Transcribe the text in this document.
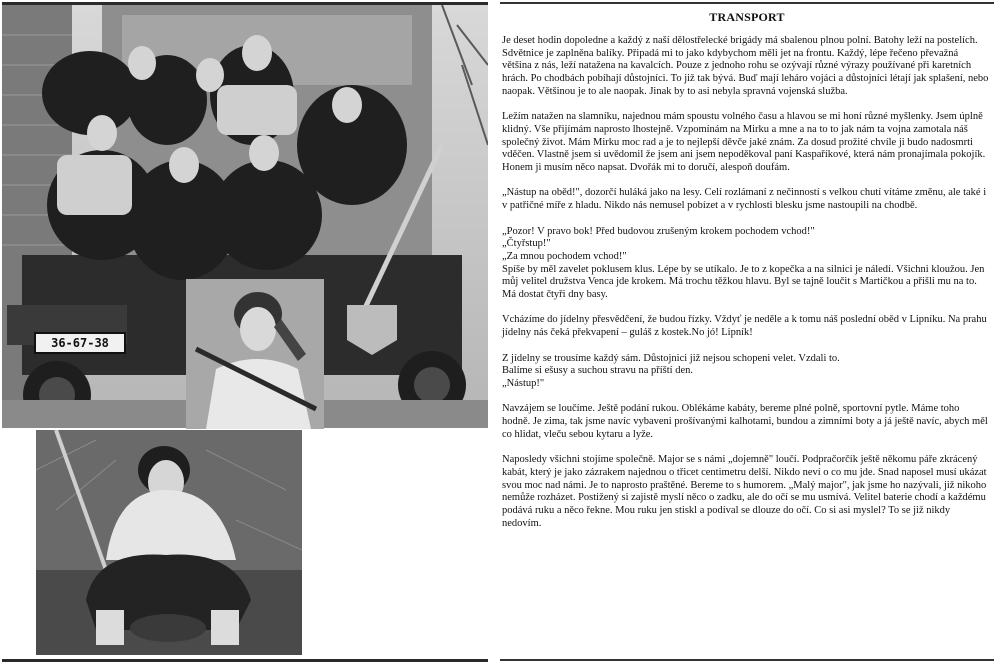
36-67-38
TRANSPORT

Je deset hodin dopoledne a každý z naší dělostřelecké brigády má sbalenou plnou polní. Batohy leží na postelích. Sdvětnice je zaplněna balíky. Připadá mi to jako kdybychom měli jet na frontu. Každý, lépe řečeno převažná většina z nás, leží natažena na kavalcích. Pouze z jednoho rohu se ozývají různé výrazy používané při karetních hrách. Po chodbách pobíhají důstojníci. To již tak bývá. Buď mají leháro vojáci a důstojníci létají jak splašení, nebo naopak. Většinou je to ale naopak. Jinak by to asi nebyla spravná vojenská služba.

Ležím natažen na slamníku, najednou mám spoustu volného času a hlavou se mi honí různé myšlenky. Jsem úplně klidný. Vše přijímám naprosto lhostejně. Vzpomínám na Mirku a mne a na to to jak nám ta vojna zamotala náš společný život. Mám Mirku moc rad a je to nejlepší děvče jaké znám. Za dosud prožité chvíle ji budo nadosmrti vděčen. Vlastně jsem si uvědomil že jsem ani jsem nepoděkoval paní Kaspaříkové, která nám pronajímala pokojík. Honem ji musím něco napsat. Dvořák mi to doručí, alespoň doufám.

„Nástup na oběd!", dozorčí huláká jako na lesy. Celí rozlámaní z nečinností s velkou chutí vítáme změnu, ale také i v patřičné míře z hladu. Nikdo nás nemusel pobízet a v rychlosti blesku jsme nastoupili na chodbě.

„Pozor! V pravo bok! Před budovou zrušeným krokem pochodem vchod!"
„Čtyřstup!"
„Za mnou pochodem vchod!"
Spíše by měl zavelet poklusem klus. Lépe by se utíkalo. Je to z kopečka a na silnici je náledí. Všichni kloužou. Jen můj velitel družstva Venca jde krokem. Má trochu těžkou hlavu. Byl se tajně loučit s Martičkou a přišli mu na to. Má dostat čtyři dny basy.

Vcházíme do jídelny přesvědčení, že budou řízky. Vždyť je neděle a k tomu náš poslední oběd v Lipníku. Na prahu jídelny nás čeká překvapení – guláš z kostek.No jó! Lipník!

Z jídelny se trousíme každý sám. Důstojnici již nejsou schopeni velet. Vzdali to.
Balíme si ešusy a suchou stravu na příští den.
„Nástup!"

Navzájem se loučíme. Ještě podání rukou. Oblékáme kabáty, bereme plné polně, sportovní pytle. Máme toho hodně. Je zima, tak jsme navíc vybaveni prošívanými kalhotami, bundou a zimními boty a já ještě navíc, abych měl co hlidat, vleču sebou kytaru a lyže.

Naposledy všichni stojíme společně. Major se s námi „dojemně" loučí. Podpračorčík ještě někomu páře zkrácený kabát, který je jako zázrakem najednou o třicet centimetru delší. Nikdo neví o co mu jde. Snad naposel musí ukázat svou moc nad námi. Je to naprosto praštěné. Bereme to s humorem. „Malý major", jak jsme ho nazývali, již nikoho nemůže rozházet. Postižený si zajistě myslí něco o zadku, ale do očí se mu usmívá. Velitel baterie chodí a každému podává ruku a něco řekne. Mou ruku jen stiskl a podíval se dlouze do očí. Co si asi myslel? To se již nikdy nedovím.
